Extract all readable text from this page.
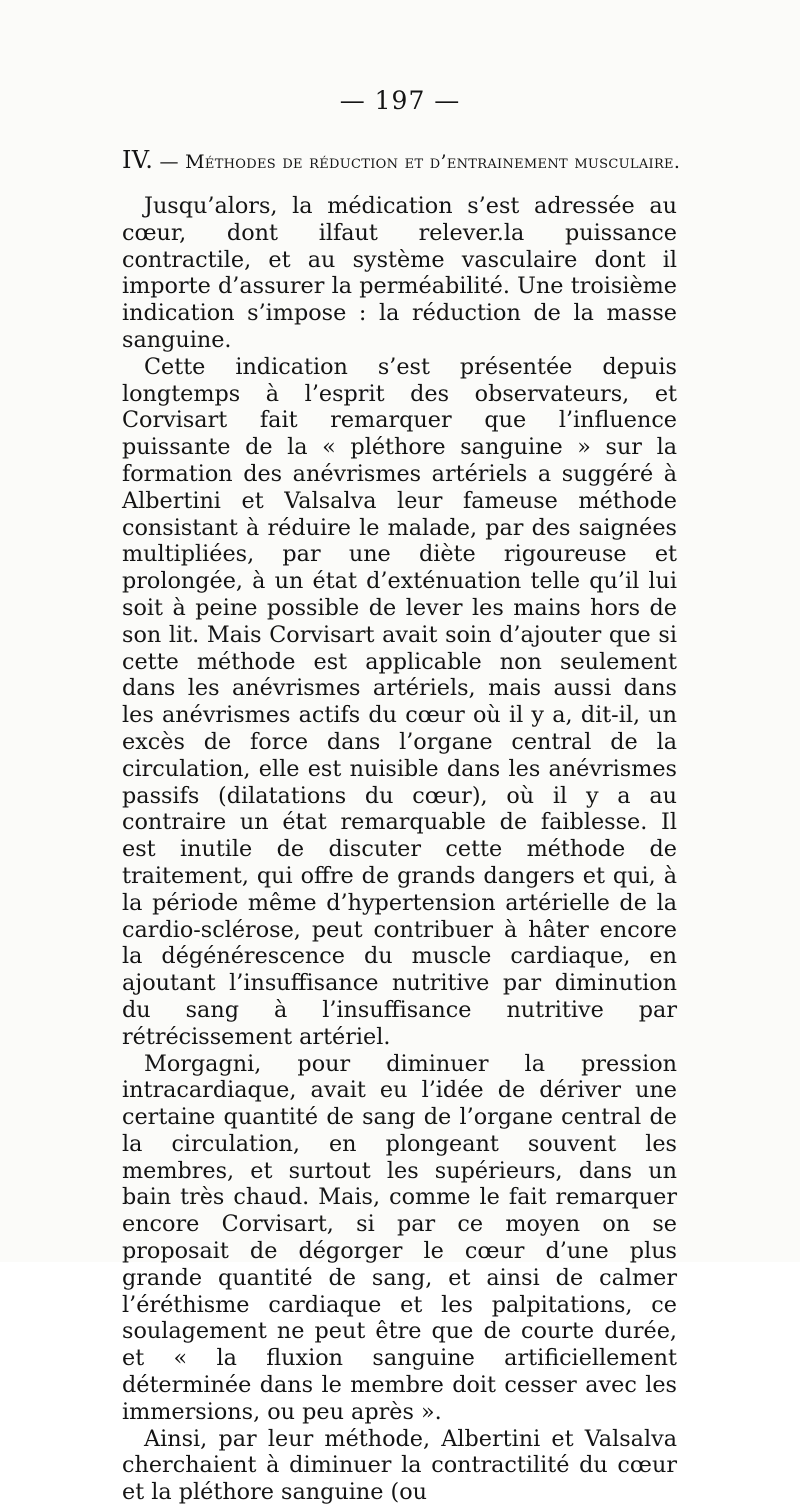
— 197 —
IV. — Méthodes de réduction et d’entrainement musculaire.

Jusqu’alors, la médication s’est adressée au cœur, dont ilfaut relever.la puissance contractile, et au système vasculaire dont il importe d’assurer la perméabilité. Une troisième indication s’impose : la réduction de la masse sanguine.

Cette indication s’est présentée depuis longtemps à l’esprit des observateurs, et Corvisart fait remarquer que l’influence puissante de la « pléthore sanguine » sur la formation des anévrismes artériels a suggéré à Albertini et Valsalva leur fameuse méthode consistant à réduire le malade, par des saignées multipliées, par une diète rigoureuse et prolongée, à un état d’exténuation telle qu’il lui soit à peine possible de lever les mains hors de son lit. Mais Corvisart avait soin d’ajouter que si cette méthode est applicable non seulement dans les anévrismes artériels, mais aussi dans les anévrismes actifs du cœur où il y a, dit-il, un excès de force dans l’organe central de la circulation, elle est nuisible dans les anévrismes passifs (dilatations du cœur), où il y a au contraire un état remarquable de faiblesse. Il est inutile de discuter cette méthode de traitement, qui offre de grands dangers et qui, à la période même d’hypertension artérielle de la cardio-sclérose, peut contribuer à hâter encore la dégénérescence du muscle cardiaque, en ajoutant l’insuffisance nutritive par diminution du sang à l’insuffisance nutritive par rétrécissement artériel.

Morgagni, pour diminuer la pression intracardiaque, avait eu l’idée de dériver une certaine quantité de sang de l’organe central de la circulation, en plongeant souvent les membres, et surtout les supérieurs, dans un bain très chaud. Mais, comme le fait remarquer encore Corvisart, si par ce moyen on se proposait de dégorger le cœur d’une plus grande quantité de sang, et ainsi de calmer l’éréthisme cardiaque et les palpitations, ce soulagement ne peut être que de courte durée, et « la fluxion sanguine artificiellement déterminée dans le membre doit cesser avec les immersions, ou peu après ».

Ainsi, par leur méthode, Albertini et Valsalva cherchaient à diminuer la contractilité du cœur et la pléthore sanguine (ou
